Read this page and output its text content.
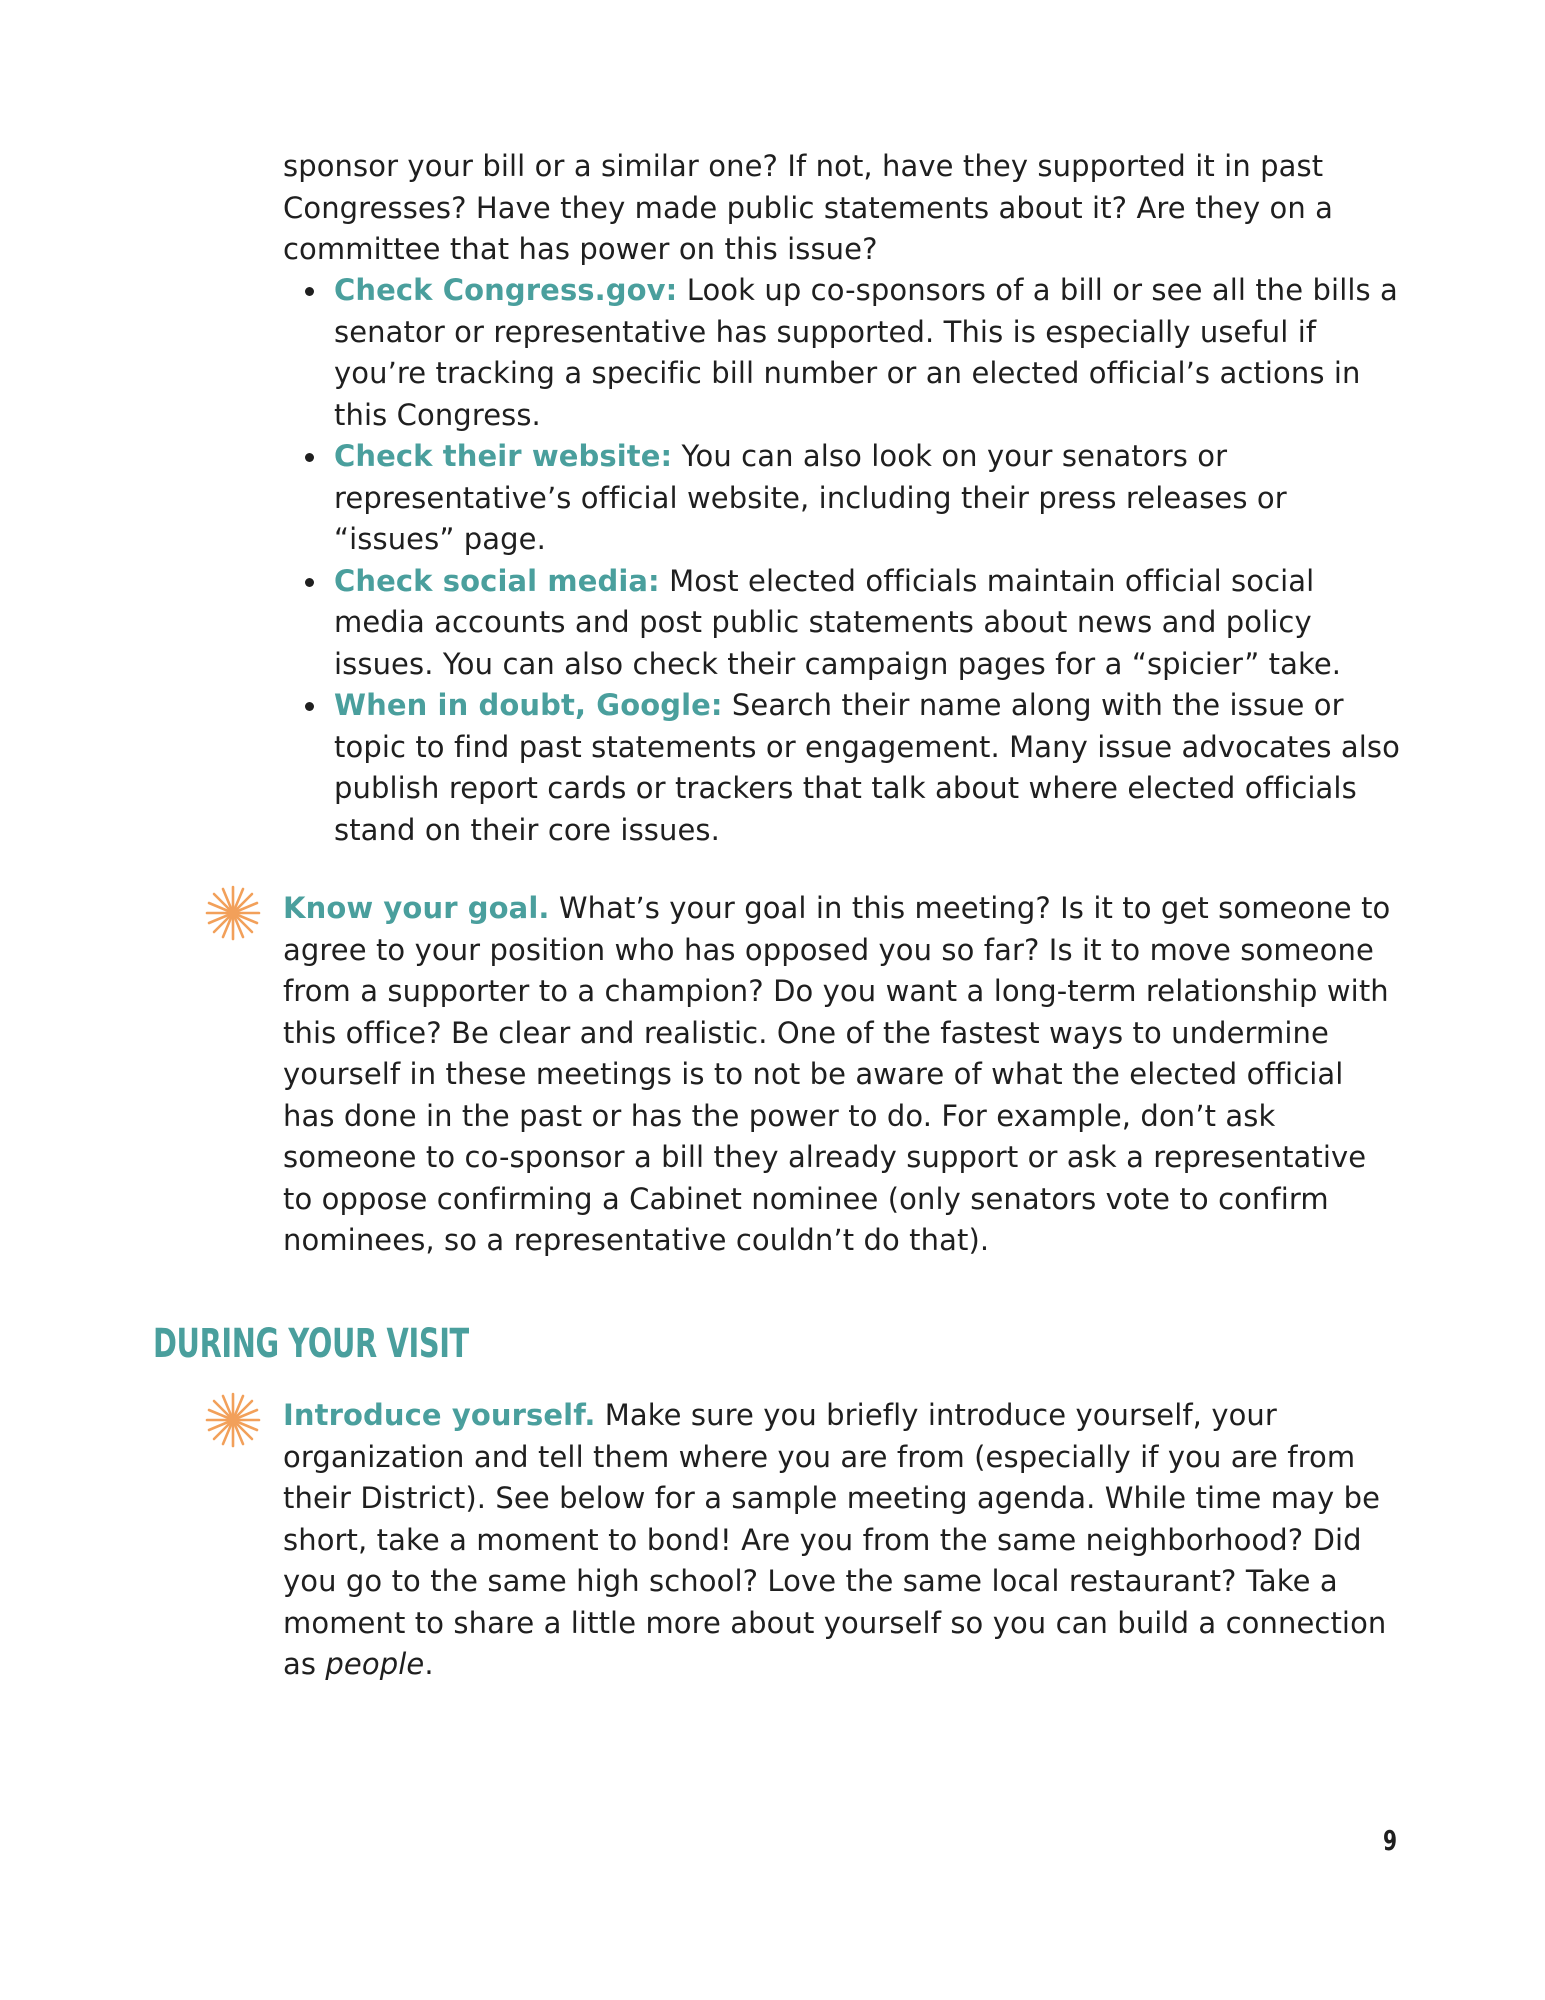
sponsor your bill or a similar one? If not, have they supported it in past Congresses? Have they made public statements about it? Are they on a committee that has power on this issue?
Check Congress.gov: Look up co-sponsors of a bill or see all the bills a senator or representative has supported. This is especially useful if you’re tracking a specific bill number or an elected official’s actions in this Congress.
Check their website: You can also look on your senators or representative’s official website, including their press releases or “issues” page.
Check social media: Most elected officials maintain official social media accounts and post public statements about news and policy issues. You can also check their campaign pages for a “spicier” take.
When in doubt, Google: Search their name along with the issue or topic to find past statements or engagement. Many issue advocates also publish report cards or trackers that talk about where elected officials stand on their core issues.
Know your goal. What’s your goal in this meeting? Is it to get someone to agree to your position who has opposed you so far? Is it to move someone from a supporter to a champion? Do you want a long-term relationship with this office? Be clear and realistic. One of the fastest ways to undermine yourself in these meetings is to not be aware of what the elected official has done in the past or has the power to do. For example, don’t ask someone to co-sponsor a bill they already support or ask a representative to oppose confirming a Cabinet nominee (only senators vote to confirm nominees, so a representative couldn’t do that).
DURING YOUR VISIT
Introduce yourself. Make sure you briefly introduce yourself, your organization and tell them where you are from (especially if you are from their District). See below for a sample meeting agenda. While time may be short, take a moment to bond! Are you from the same neighborhood? Did you go to the same high school? Love the same local restaurant? Take a moment to share a little more about yourself so you can build a connection as people.
9
